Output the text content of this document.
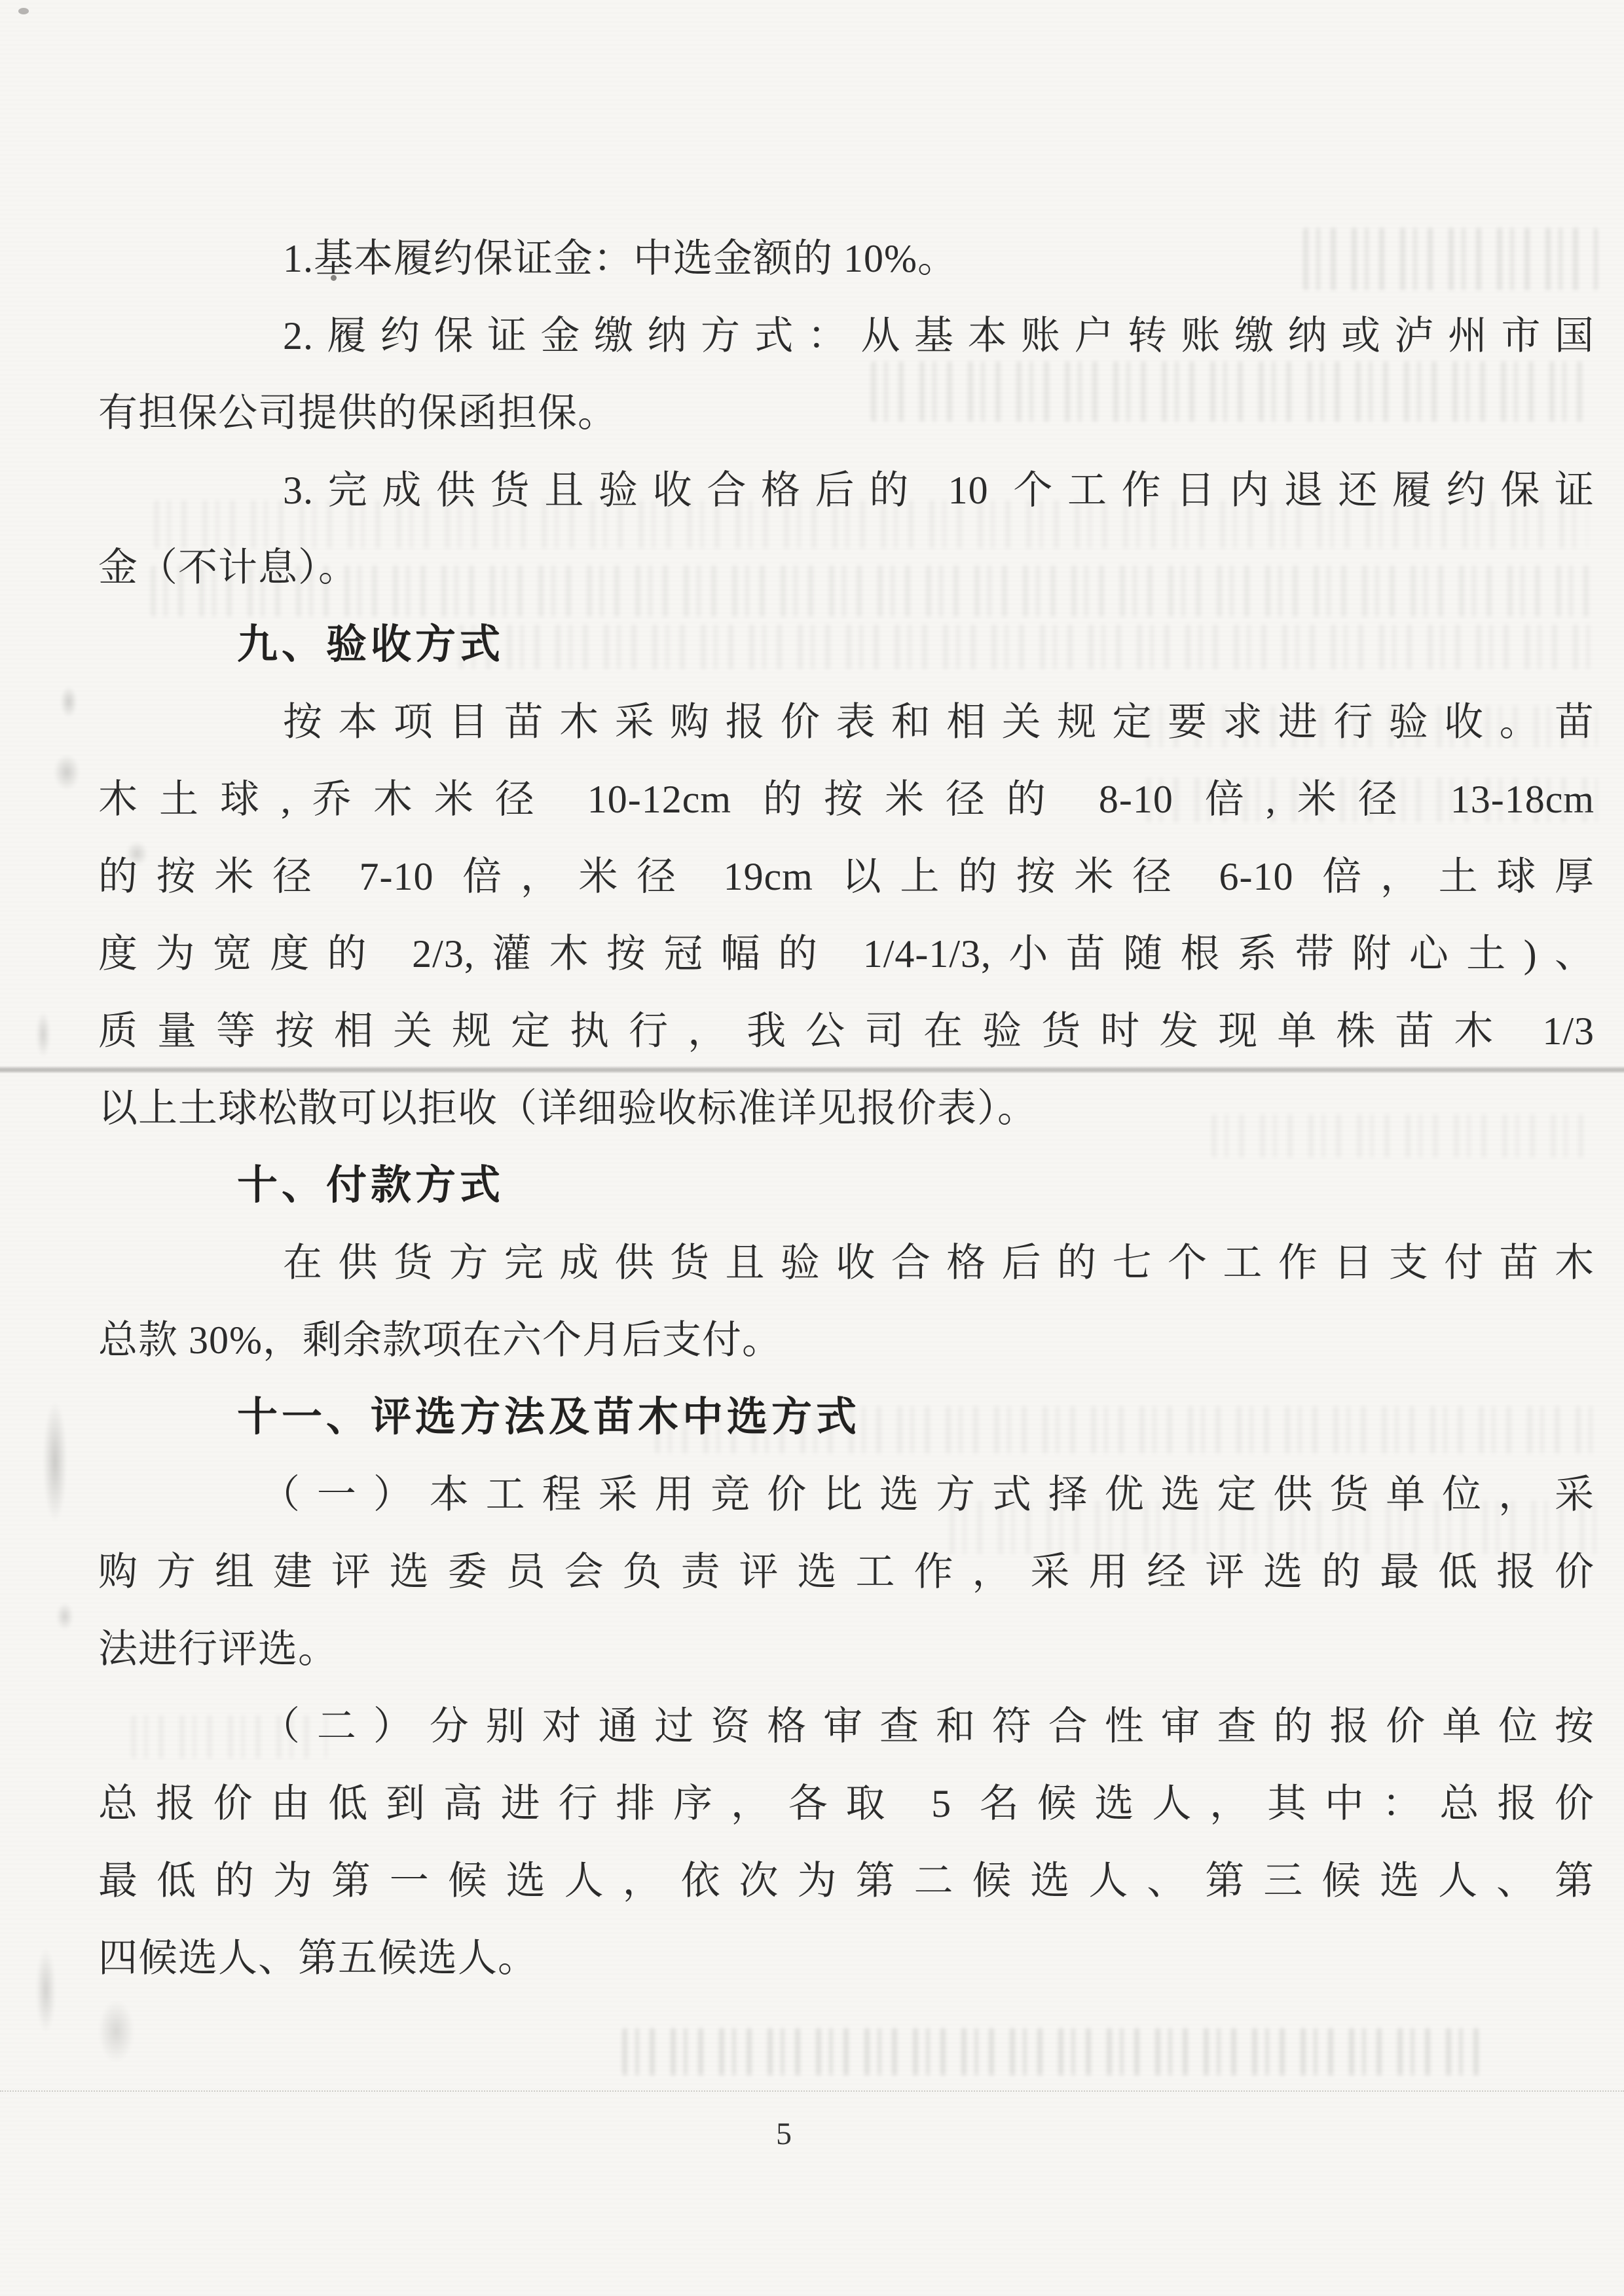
1.基本履约保证金：中选金额的 10%。
2.履约保证金缴纳方式：从基本账户转账缴纳或泸州市国
有担保公司提供的保函担保。
3.完成供货且验收合格后的 10 个工作日内退还履约保证
金（不计息）。
九、验收方式
按本项目苗木采购报价表和相关规定要求进行验收。苗
木土球,乔木米径 10-12cm 的按米径的 8-10 倍,米径 13-18cm
的按米径 7-10 倍，米径 19cm 以上的按米径 6-10 倍，土球厚
度为宽度的 2/3,灌木按冠幅的 1/4-1/3,小苗随根系带附心土)、
质量等按相关规定执行，我公司在验货时发现单株苗木 1/3
以上土球松散可以拒收（详细验收标准详见报价表）。
十、付款方式
在供货方完成供货且验收合格后的七个工作日支付苗木
总款 30%，剩余款项在六个月后支付。
十一、评选方法及苗木中选方式
（一）本工程采用竞价比选方式择优选定供货单位，采
购方组建评选委员会负责评选工作，采用经评选的最低报价
法进行评选。
（二）分别对通过资格审查和符合性审查的报价单位按
总报价由低到高进行排序，各取 5 名候选人，其中：总报价
最低的为第一候选人，依次为第二候选人、第三候选人、第
四候选人、第五候选人。
5
